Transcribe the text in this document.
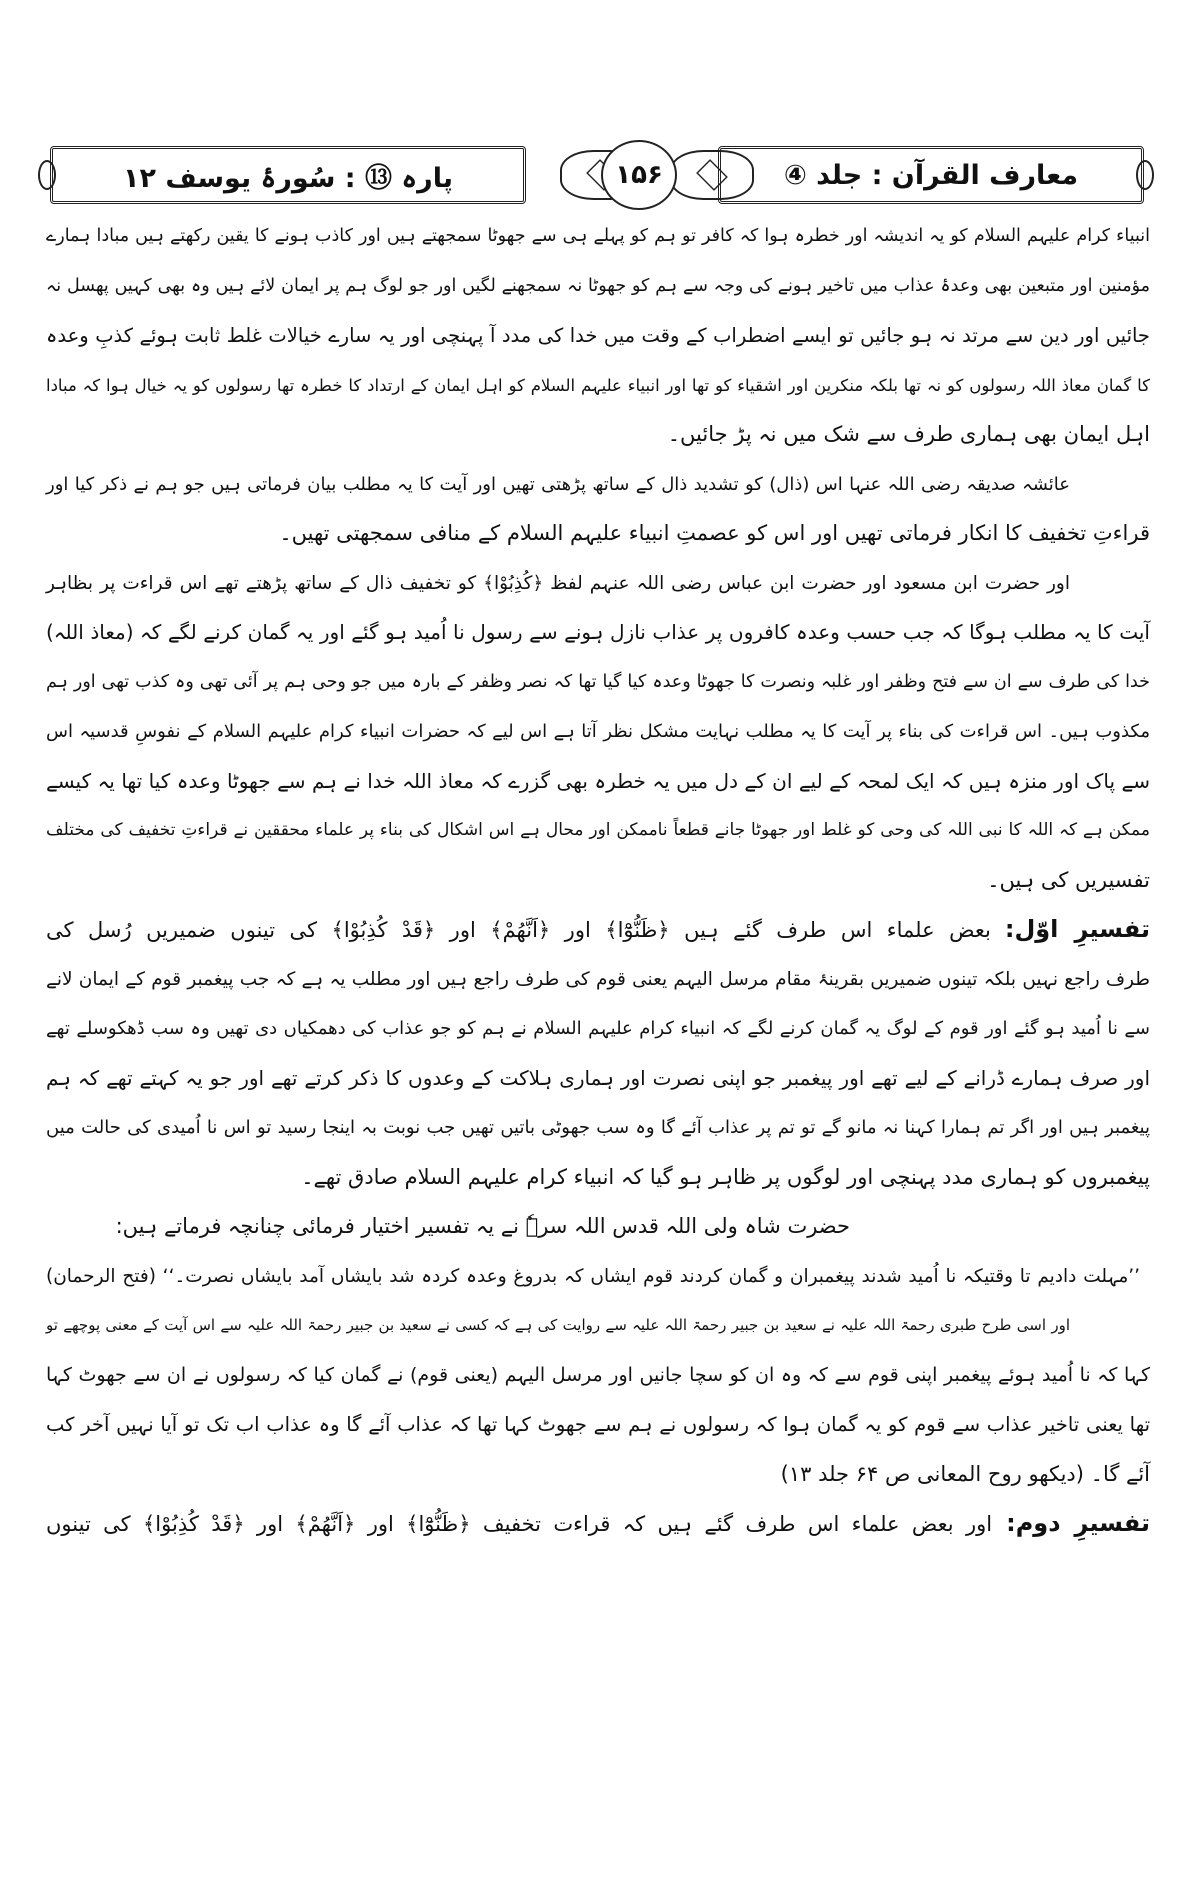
پارہ ⑬ : سُورۂ یوسف ۱۲	۱۵۶	معارف القرآن : جلد ④
انبیاء کرام علیہم السلام کو یہ اندیشہ اور خطرہ ہوا کہ کافر تو ہم کو پہلے ہی سے جھوٹا سمجھتے ہیں اور کاذب ہونے کا یقین رکھتے ہیں مبادا ہمارے
مؤمنین اور متبعین بھی وعدۂ عذاب میں تاخیر ہونے کی وجہ سے ہم کو جھوٹا نہ سمجھنے لگیں اور جو لوگ ہم پر ایمان لائے ہیں وہ بھی کہیں پھسل نہ
جائیں اور دین سے مرتد نہ ہو جائیں تو ایسے اضطراب کے وقت میں خدا کی مدد آ پہنچی اور یہ سارے خیالات غلط ثابت ہوئے کذبِ وعدہ
کا گمان معاذ اللہ رسولوں کو نہ تھا بلکہ منکرین اور اشقیاء کو تھا اور انبیاء علیہم السلام کو اہل ایمان کے ارتداد کا خطرہ تھا رسولوں کو یہ خیال ہوا کہ مبادا
اہل ایمان بھی ہماری طرف سے شک میں نہ پڑ جائیں۔
عائشہ صدیقہ رضی اللہ عنہا اس (ذال) کو تشدید ذال کے ساتھ پڑھتی تھیں اور آیت کا یہ مطلب بیان فرماتی ہیں جو ہم نے ذکر کیا اور
قراءتِ تخفیف کا انکار فرماتی تھیں اور اس کو عصمتِ انبیاء علیہم السلام کے منافی سمجھتی تھیں۔
اور حضرت ابن مسعود اور حضرت ابن عباس رضی اللہ عنہم لفظ ﴿كُذِبُوْا﴾ کو تخفیف ذال کے ساتھ پڑھتے تھے اس قراءت پر بظاہر
آیت کا یہ مطلب ہوگا کہ جب حسب وعدہ کافروں پر عذاب نازل ہونے سے رسول نا اُمید ہو گئے اور یہ گمان کرنے لگے کہ (معاذ اللہ)
خدا کی طرف سے ان سے فتح وظفر اور غلبہ ونصرت کا جھوٹا وعدہ کیا گیا تھا کہ نصر وظفر کے بارہ میں جو وحی ہم پر آئی تھی وہ کذب تھی اور ہم
مکذوب ہیں۔ اس قراءت کی بناء پر آیت کا یہ مطلب نہایت مشکل نظر آتا ہے اس لیے کہ حضرات انبیاء کرام علیہم السلام کے نفوسِ قدسیہ اس
سے پاک اور منزہ ہیں کہ ایک لمحہ کے لیے ان کے دل میں یہ خطرہ بھی گزرے کہ معاذ اللہ خدا نے ہم سے جھوٹا وعدہ کیا تھا یہ کیسے
ممکن ہے کہ اللہ کا نبی اللہ کی وحی کو غلط اور جھوٹا جانے قطعاً ناممکن اور محال ہے اس اشکال کی بناء پر علماء محققین نے قراءتِ تخفیف کی مختلف
تفسیریں کی ہیں۔
تفسیرِ اوّل:بعض علماء اس طرف گئے ہیں ﴿ظَنُّوْٓا﴾ اور ﴿اَنَّهُمْ﴾ اور ﴿قَدْ كُذِبُوْا﴾ کی تینوں ضمیریں رُسل کی
طرف راجع نہیں بلکہ تینوں ضمیریں بقرینۂ مقام مرسل الیہم یعنی قوم کی طرف راجع ہیں اور مطلب یہ ہے کہ جب پیغمبر قوم کے ایمان لانے
سے نا اُمید ہو گئے اور قوم کے لوگ یہ گمان کرنے لگے کہ انبیاء کرام علیہم السلام نے ہم کو جو عذاب کی دھمکیاں دی تھیں وہ سب ڈھکوسلے تھے
اور صرف ہمارے ڈرانے کے لیے تھے اور پیغمبر جو اپنی نصرت اور ہماری ہلاکت کے وعدوں کا ذکر کرتے تھے اور جو یہ کہتے تھے کہ ہم
پیغمبر ہیں اور اگر تم ہمارا کہنا نہ مانو گے تو تم پر عذاب آئے گا وہ سب جھوٹی باتیں تھیں جب نوبت بہ اینجا رسید تو اس نا اُمیدی کی حالت میں
پیغمبروں کو ہماری مدد پہنچی اور لوگوں پر ظاہر ہو گیا کہ انبیاء کرام علیہم السلام صادق تھے۔
حضرت شاہ ولی اللہ قدس اللہ سرہٗ نے یہ تفسیر اختیار فرمائی چنانچہ فرماتے ہیں:
’’مہلت دادیم تا وقتیکہ نا اُمید شدند پیغمبران و گمان کردند قوم ایشاں کہ بدروغ وعدہ کردہ شد بایشاں آمد بایشاں نصرت۔‘‘ (فتح الرحمان)
اور اسی طرح طبری رحمۃ اللہ علیہ نے سعید بن جبیر رحمۃ اللہ علیہ سے روایت کی ہے کہ کسی نے سعید بن جبیر رحمۃ اللہ علیہ سے اس آیت کے معنی پوچھے تو
کہا کہ نا اُمید ہوئے پیغمبر اپنی قوم سے کہ وہ ان کو سچا جانیں اور مرسل الیہم (یعنی قوم) نے گمان کیا کہ رسولوں نے ان سے جھوٹ کہا
تھا یعنی تاخیر عذاب سے قوم کو یہ گمان ہوا کہ رسولوں نے ہم سے جھوٹ کہا تھا کہ عذاب آئے گا وہ عذاب اب تک تو آیا نہیں آخر کب
آئے گا۔ (دیکھو روح المعانی ص ۶۴ جلد ۱۳)
تفسیرِ دوم:اور بعض علماء اس طرف گئے ہیں کہ قراءت تخفیف ﴿ظَنُّوْٓا﴾ اور ﴿اَنَّهُمْ﴾ اور ﴿قَدْ كُذِبُوْا﴾ کی تینوں
